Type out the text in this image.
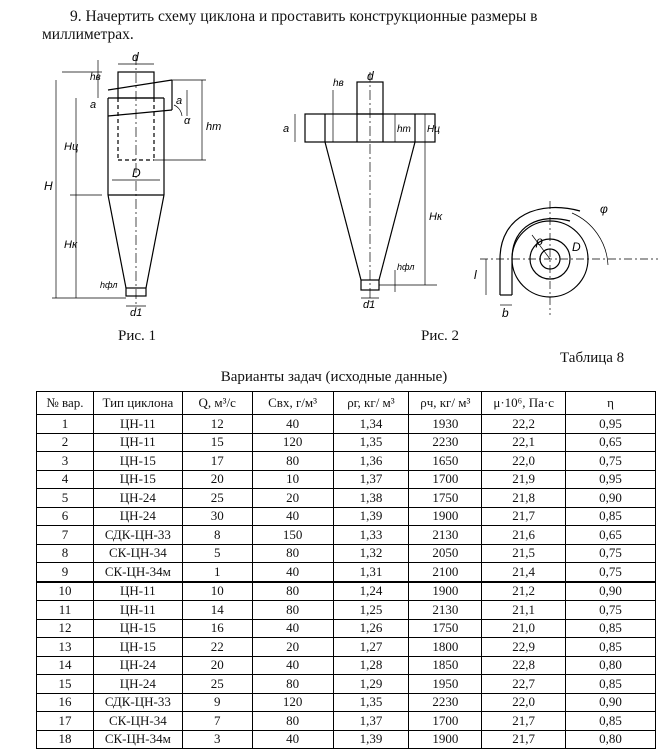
9. Начертить схему циклона и проставить конструкционные размеры в
миллиметрах.
d
hв
a	a
α
Hц
hт
H
D
Hк
hфл
d1
hв
d
a	hт Hц
Hк
hфл
d1
φ
ρ D
l
b
Рис. 1	Рис. 2
Таблица 8
Варианты задач (исходные данные)
№ вар.	Тип циклона	Q, м³/с	Cвх, г/м³	ρг, кг/ м³	ρч, кг/ м³	μ·10⁶, Па·с	η
1	ЦН-11	12	40	1,34	1930	22,2	0,95
2	ЦН-11	15	120	1,35	2230	22,1	0,65
3	ЦН-15	17	80	1,36	1650	22,0	0,75
4	ЦН-15	20	10	1,37	1700	21,9	0,95
5	ЦН-24	25	20	1,38	1750	21,8	0,90
6	ЦН-24	30	40	1,39	1900	21,7	0,85
7	СДК-ЦН-33	8	150	1,33	2130	21,6	0,65
8	СК-ЦН-34	5	80	1,32	2050	21,5	0,75
9	СК-ЦН-34м	1	40	1,31	2100	21,4	0,75
10	ЦН-11	10	80	1,24	1900	21,2	0,90
11	ЦН-11	14	80	1,25	2130	21,1	0,75
12	ЦН-15	16	40	1,26	1750	21,0	0,85
13	ЦН-15	22	20	1,27	1800	22,9	0,85
14	ЦН-24	20	40	1,28	1850	22,8	0,80
15	ЦН-24	25	80	1,29	1950	22,7	0,85
16	СДК-ЦН-33	9	120	1,35	2230	22,0	0,90
17	СК-ЦН-34	7	80	1,37	1700	21,7	0,85
18	СК-ЦН-34м	3	40	1,39	1900	21,7	0,80
